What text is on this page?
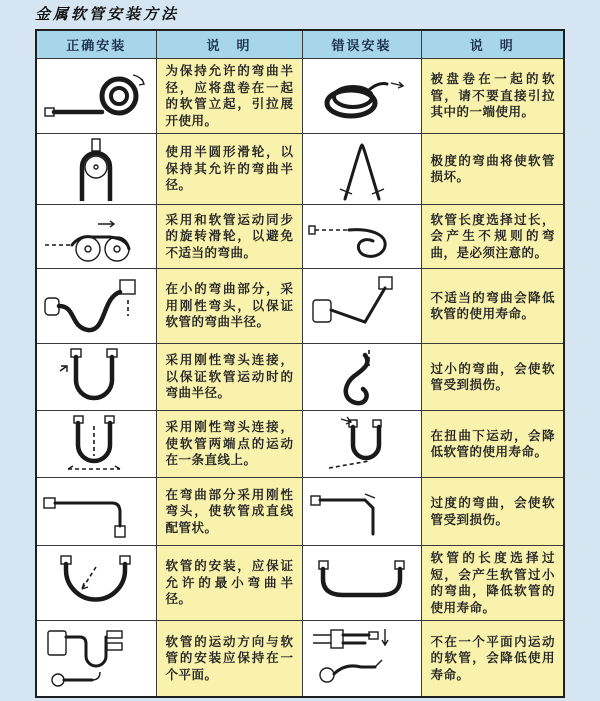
金属软管安装方法
正确安装	说　明	错误安装	说　明

为保持允许的弯曲半径，应将盘卷在一起的软管立起，引拉展开使用。		被盘卷在一起的软管，请不要直接引拉其中的一端使用。

使用半圆形滑轮，以保持其允许的弯曲半径。		极度的弯曲将使软管损坏。

采用和软管运动同步的旋转滑轮，以避免不适当的弯曲。		软管长度选择过长，会产生不规则的弯曲，是必须注意的。

在小的弯曲部分，采用刚性弯头，以保证软管的弯曲半径。		不适当的弯曲会降低软管的使用寿命。

采用刚性弯头连接，以保证软管运动时的弯曲半径。		过小的弯曲，会使软管受到损伤。

采用刚性弯头连接，使软管两端点的运动在一条直线上。		在扭曲下运动，会降低软管的使用寿命。

在弯曲部分采用刚性弯头，使软管成直线配管状。		过度的弯曲，会使软管受到损伤。

软管的安装，应保证允许的最小弯曲半径。		软管的长度选择过短，会产生软管过小的弯曲，降低软管的使用寿命。

软管的运动方向与软管的安装应保持在一个平面。		不在一个平面内运动的软管，会降低使用寿命。
